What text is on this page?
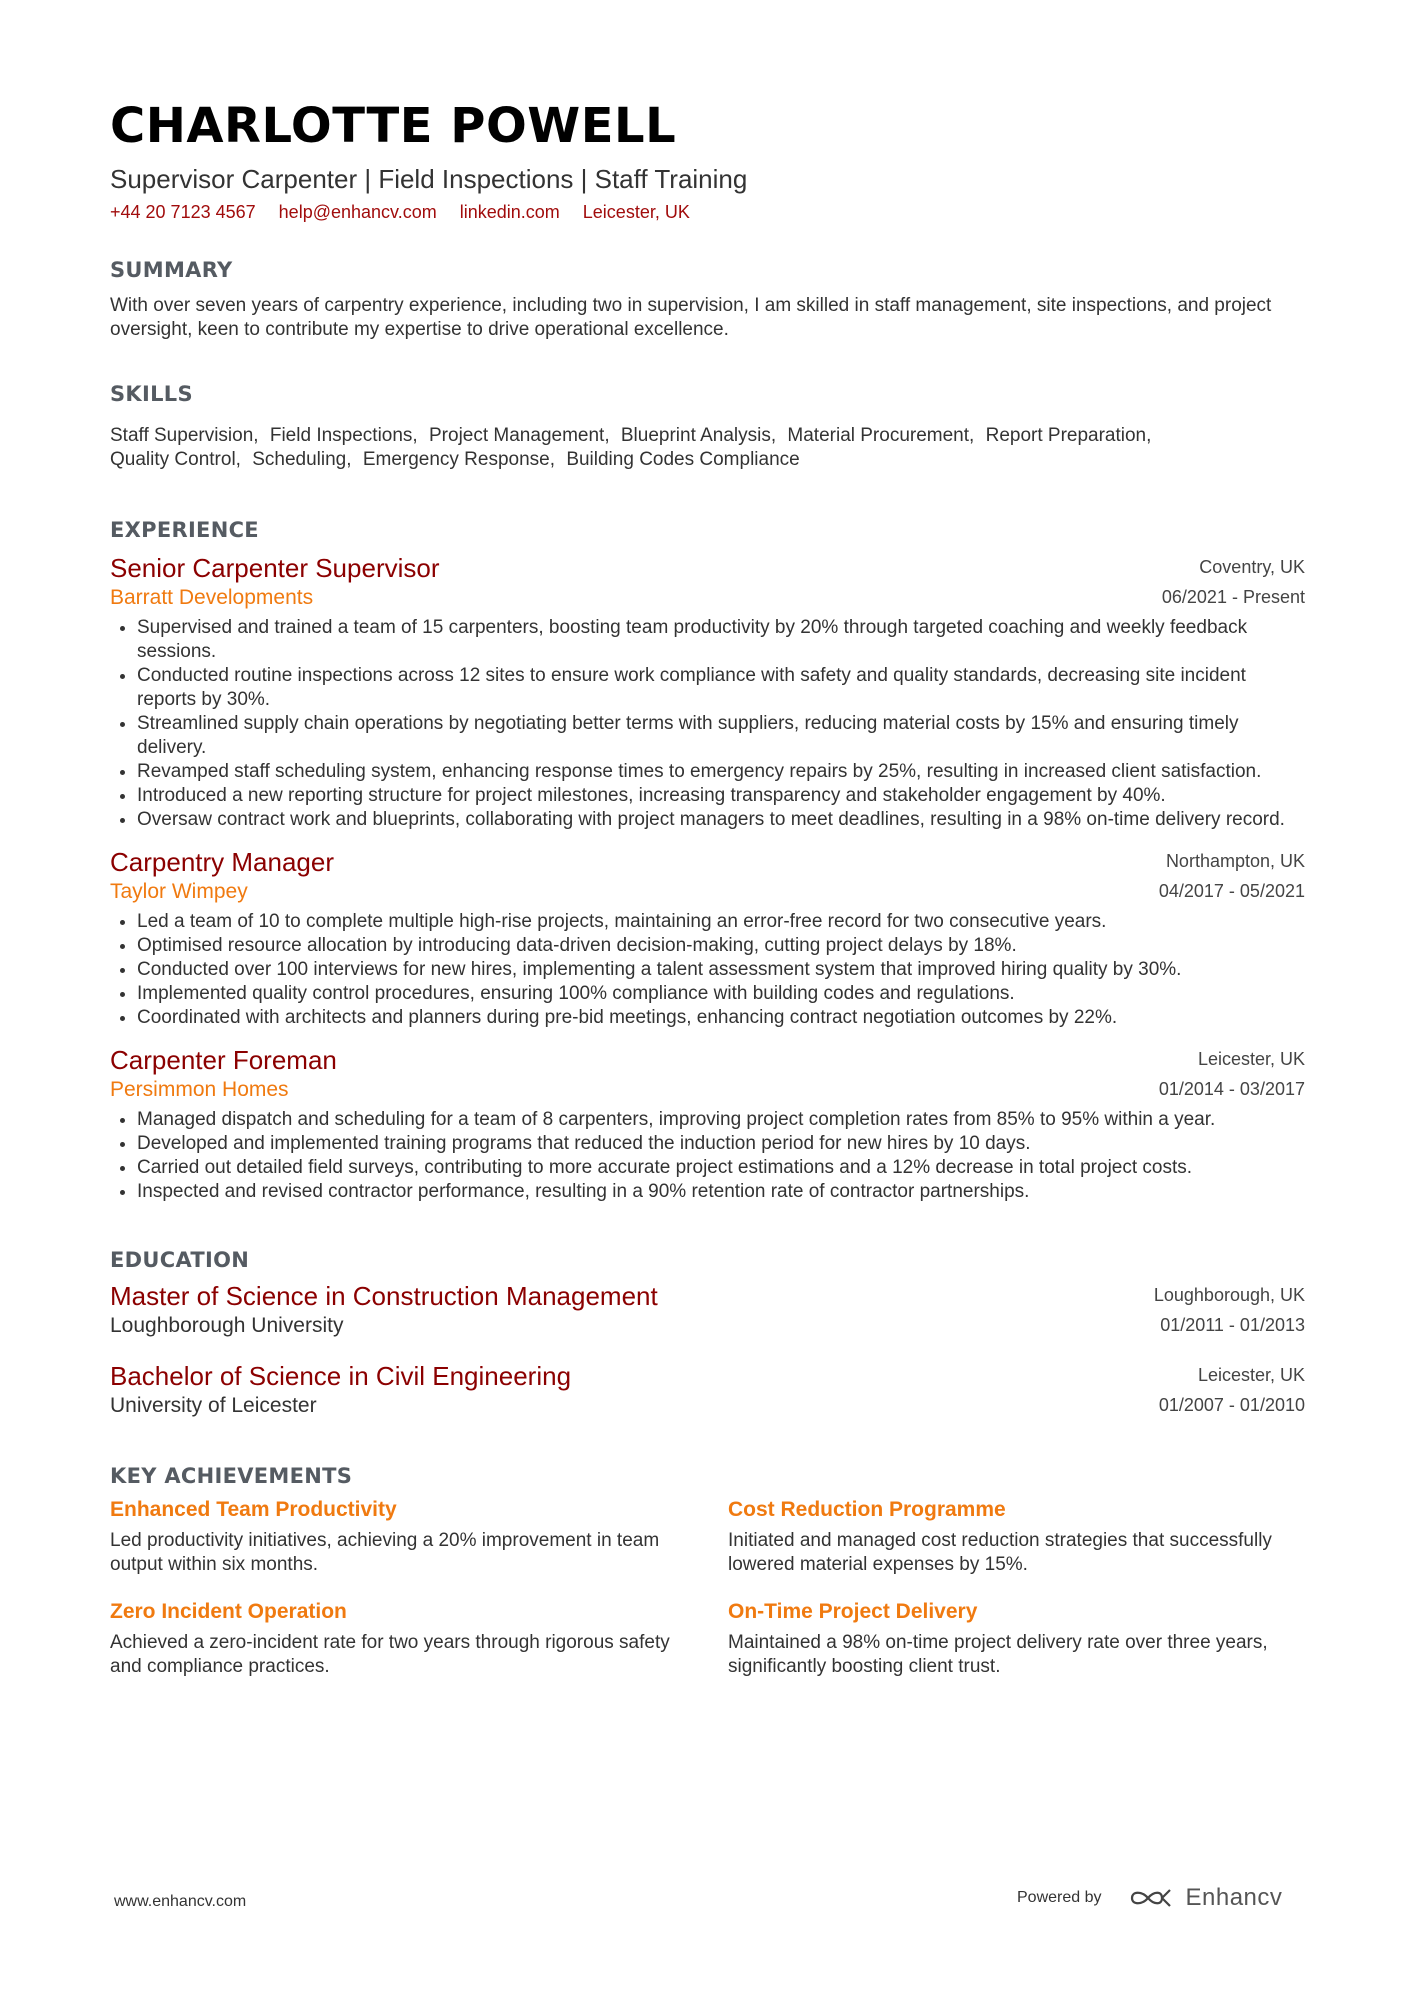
CHARLOTTE POWELL
Supervisor Carpenter | Field Inspections | Staff Training
+44 20 7123 4567 help@enhancv.com linkedin.com Leicester, UK
SUMMARY
With over seven years of carpentry experience, including two in supervision, I am skilled in staff management, site inspections, and project oversight, keen to contribute my expertise to drive operational excellence.
SKILLS
Staff Supervision, Field Inspections, Project Management, Blueprint Analysis, Material Procurement, Report Preparation,
Quality Control, Scheduling, Emergency Response, Building Codes Compliance
EXPERIENCE
Senior Carpenter Supervisor
Barratt Developments
Coventry, UK
06/2021 - Present
• Supervised and trained a team of 15 carpenters, boosting team productivity by 20% through targeted coaching and weekly feedback sessions.
• Conducted routine inspections across 12 sites to ensure work compliance with safety and quality standards, decreasing site incident reports by 30%.
• Streamlined supply chain operations by negotiating better terms with suppliers, reducing material costs by 15% and ensuring timely delivery.
• Revamped staff scheduling system, enhancing response times to emergency repairs by 25%, resulting in increased client satisfaction.
• Introduced a new reporting structure for project milestones, increasing transparency and stakeholder engagement by 40%.
• Oversaw contract work and blueprints, collaborating with project managers to meet deadlines, resulting in a 98% on-time delivery record.
Carpentry Manager
Taylor Wimpey
Northampton, UK
04/2017 - 05/2021
• Led a team of 10 to complete multiple high-rise projects, maintaining an error-free record for two consecutive years.
• Optimised resource allocation by introducing data-driven decision-making, cutting project delays by 18%.
• Conducted over 100 interviews for new hires, implementing a talent assessment system that improved hiring quality by 30%.
• Implemented quality control procedures, ensuring 100% compliance with building codes and regulations.
• Coordinated with architects and planners during pre-bid meetings, enhancing contract negotiation outcomes by 22%.
Carpenter Foreman
Persimmon Homes
Leicester, UK
01/2014 - 03/2017
• Managed dispatch and scheduling for a team of 8 carpenters, improving project completion rates from 85% to 95% within a year.
• Developed and implemented training programs that reduced the induction period for new hires by 10 days.
• Carried out detailed field surveys, contributing to more accurate project estimations and a 12% decrease in total project costs.
• Inspected and revised contractor performance, resulting in a 90% retention rate of contractor partnerships.
EDUCATION
Master of Science in Construction Management
Loughborough University
Loughborough, UK
01/2011 - 01/2013
Bachelor of Science in Civil Engineering
University of Leicester
Leicester, UK
01/2007 - 01/2010
KEY ACHIEVEMENTS
Enhanced Team Productivity
Led productivity initiatives, achieving a 20% improvement in team output within six months.
Cost Reduction Programme
Initiated and managed cost reduction strategies that successfully lowered material expenses by 15%.
Zero Incident Operation
Achieved a zero-incident rate for two years through rigorous safety and compliance practices.
On-Time Project Delivery
Maintained a 98% on-time project delivery rate over three years, significantly boosting client trust.
www.enhancv.com	Powered by	Enhancv
